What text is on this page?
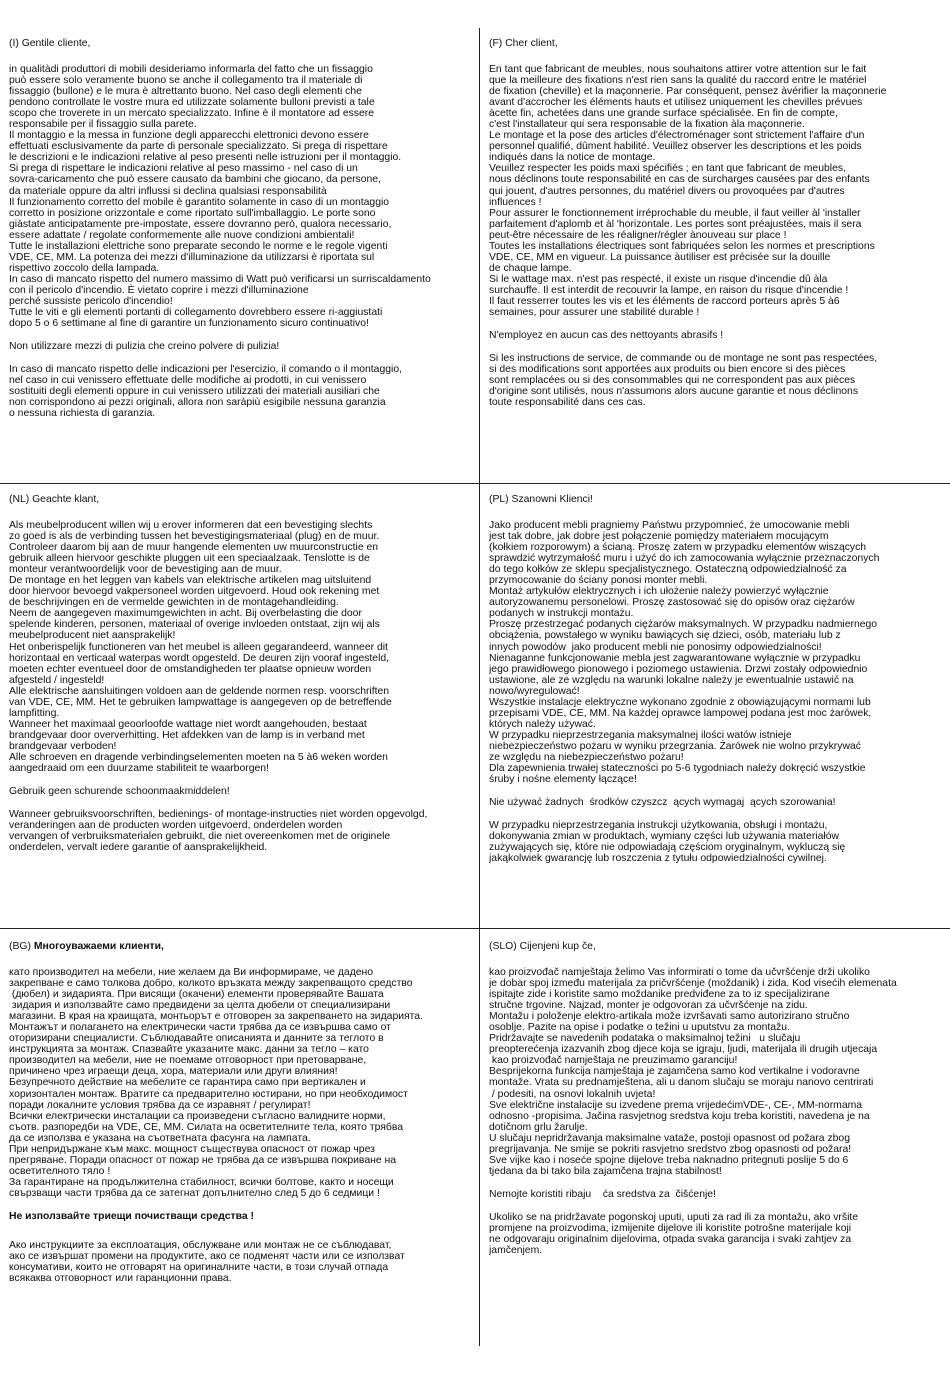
(I) Gentile cliente,
in qualitàdi produttori di mobili desideriamo informarla del fatto che un fissaggio
può essere solo veramente buono se anche il collegamento tra il materiale di
fissaggio (bullone) e le mura è altrettanto buono. Nel caso degli elementi che
pendono controllate le vostre mura ed utilizzate solamente bulloni previsti a tale
scopo che troverete in un mercato specializzato. Infine è il montatore ad essere
responsabile per il fissaggio sulla parete.
Il montaggio e la messa in funzione degli apparecchi elettronici devono essere
effettuati esclusivamente da parte di personale specializzato. Si prega di rispettare
le descrizioni e le indicazioni relative al peso presenti nelle istruzioni per il montaggio.
Si prega di rispettare le indicazioni relative al peso massimo - nel caso di un
sovra-caricamento che può essere causato da bambini che giocano, da persone,
da materiale oppure da altri influssi si declina qualsiasi responsabilità
Il funzionamento corretto del mobile è garantito solamente in caso di un montaggio
corretto in posizione orizzontale e come riportato sull'imballaggio. Le porte sono
giàstate anticipatamente pre-impostate, essere dovranno però, qualora necessario,
essere adattate / regolate conformemente alle nuove condizioni ambientali!
Tutte le installazioni elettriche sono preparate secondo le norme e le regole vigenti
VDE, CE, MM. La potenza dei mezzi d'illuminazione da utilizzarsi è riportata sul
rispettivo zoccolo della lampada.
In caso di mancato rispetto del numero massimo di Watt può verificarsi un surriscaldamento
con il pericolo d'incendio. È vietato coprire i mezzi d'illuminazione
perché sussiste pericolo d'incendio!
Tutte le viti e gli elementi portanti di collegamento dovrebbero essere ri-aggiustati
dopo 5 o 6 settimane al fine di garantire un funzionamento sicuro continuativo!
Non utilizzare mezzi di pulizia che creino polvere di pulizia!
In caso di mancato rispetto delle indicazioni per l'esercizio, il comando o il montaggio,
nel caso in cui venissero effettuate delle modifiche ai prodotti, in cui venissero
sostituiti degli elementi oppure in cui venissero utilizzati dei materiali ausiliari che
non corrispondono ai pezzi originali, allora non saràpiù esigibile nessuna garanzia
o nessuna richiesta di garanzia.
(F) Cher client,
En tant que fabricant de meubles, nous souhaitons attirer votre attention sur le fait
que la meilleure des fixations n'est rien sans la qualité du raccord entre le matériel
de fixation (cheville) et la maçonnerie. Par conséquent, pensez àvérifier la maçonnerie
avant d'accrocher les éléments hauts et utilisez uniquement les chevilles prévues
àcette fin, achetées dans une grande surface spécialisée. En fin de compte,
c'est l'installateur qui sera responsable de la fixation àla maçonnerie.
Le montage et la pose des articles d'électroménager sont strictement l'affaire d'un
personnel qualifié, dûment habilité. Veuillez observer les descriptions et les poids
indiqués dans la notice de montage.
Veuillez respecter les poids maxi spécifiés ; en tant que fabricant de meubles,
nous déclinons toute responsabilité en cas de surcharges causées par des enfants
qui jouent, d'autres personnes, du matériel divers ou provoquées par d'autres
influences !
Pour assurer le fonctionnement irréprochable du meuble, il faut veiller àl 'installer
parfaitement d'aplomb et àl 'horizontale. Les portes sont préajustées, mais il sera
peut-être nécessaire de les réaligner/régler ànouveau sur place !
Toutes les installations électriques sont fabriquées selon les normes et prescriptions
VDE, CE, MM en vigueur. La puissance àutiliser est précisée sur la douille
de chaque lampe.
Si le wattage max. n'est pas respecté, il existe un risque d'incendie dû àla
surchauffe. Il est interdit de recouvrir la lampe, en raison du risque d'incendie !
Il faut resserrer toutes les vis et les éléments de raccord porteurs après 5 à6
semaines, pour assurer une stabilité durable !
N'employez en aucun cas des nettoyants abrasifs !
Si les instructions de service, de commande ou de montage ne sont pas respectées,
si des modifications sont apportées aux produits ou bien encore si des pièces
sont remplacées ou si des consommables qui ne correspondent pas aux pièces
d'origine sont utilisés, nous n'assumons alors aucune garantie et nous déclinons
toute responsabilité dans ces cas.
(NL) Geachte klant,
Als meubelproducent willen wij u erover informeren dat een bevestiging slechts
zo goed is als de verbinding tussen het bevestigingsmateriaal (plug) en de muur.
Controleer daarom bij aan de muur hangende elementen uw muurconstructie en
gebruik alleen hiervoor geschikte pluggen uit een speciaalzaak. Tenslotte is de
monteur verantwoordelijk voor de bevestiging aan de muur.
De montage en het leggen van kabels van elektrische artikelen mag uitsluitend
door hiervoor bevoegd vakpersoneel worden uitgevoerd. Houd ook rekening met
de beschrijvingen en de vermelde gewichten in de montagehandleiding.
Neem de aangegeven maximumgewichten in acht. Bij overbelasting die door
spelende kinderen, personen, materiaal of overige invloeden ontstaat, zijn wij als
meubelproducent niet aansprakelijk!
Het onberispelijk functioneren van het meubel is alleen gegarandeerd, wanneer dit
horizontaal en verticaal waterpas wordt opgesteld. De deuren zijn vooraf ingesteld,
moeten echter eventueel door de omstandigheden ter plaatse opnieuw worden
afgesteld / ingesteld!
Alle elektrische aansluitingen voldoen aan de geldende normen resp. voorschriften
van VDE, CE, MM. Het te gebruiken lampwattage is aangegeven op de betreffende
lampfitting.
Wanneer het maximaal geoorloofde wattage niet wordt aangehouden, bestaat
brandgevaar door oververhitting. Het afdekken van de lamp is in verband met
brandgevaar verboden!
Alle schroeven en dragende verbindingselementen moeten na 5 à6 weken worden
aangedraaid om een duurzame stabiliteit te waarborgen!
Gebruik geen schurende schoonmaakmiddelen!
Wanneer gebruiksvoorschriften, bedienings- of montage-instructies niet worden opgevolgd,
veranderingen aan de producten worden uitgevoerd, onderdelen worden
vervangen of verbruiksmaterialen gebruikt, die niet overeenkomen met de originele
onderdelen, vervalt iedere garantie of aansprakelijkheid.
(PL) Szanowni Klienci!
Jako producent mebli pragniemy Państwu przypomnieć, że umocowanie mebli
jest tak dobre, jak dobre jest połączenie pomiędzy materiałem mocującym
(kołkiem rozporowym) a ścianą. Proszę zatem w przypadku elementów wiszących
sprawdzić wytrzymałość muru i użyć do ich zamocowania wyłącznie przeznaczonych
do tego kołków ze sklepu specjalistycznego. Ostateczną odpowiedzialność za
przymocowanie do ściany ponosi monter mebli.
Montaż artykułów elektrycznych i ich ułożenie należy powierzyć wyłącznie
autoryzowanemu personelowi. Proszę zastosować się do opisów oraz ciężarów
podanych w instrukcji montażu.
Proszę przestrzegać podanych ciężarów maksymalnych. W przypadku nadmiernego
obciążenia, powstałego w wyniku bawiących się dzieci, osób, materiału lub z
innych powodów  jako producent mebli nie ponosimy odpowiedzialności!
Nienaganne funkcjonowanie mebla jest zagwarantowane wyłącznie w przypadku
jego prawidłowego pionowego i poziomego ustawienia. Drzwi zostały odpowiednio
ustawione, ale ze względu na warunki lokalne należy je ewentualnie ustawić na
nowo/wyregulować!
Wszystkie instalacje elektryczne wykonano zgodnie z obowiązującymi normami lub
przepisami VDE, CE, MM. Na każdej oprawce lampowej podana jest moc żarówek,
których należy używać.
W przypadku nieprzestrzegania maksymalnej ilości watów istnieje
niebezpieczeństwo pożaru w wyniku przegrzania. Żarówek nie wolno przykrywać
ze względu na niebezpieczeństwo pożaru!
Dla zapewnienia trwałej stateczności po 5-6 tygodniach należy dokręcić wszystkie
śruby i nośne elementy łączące!
Nie używać żadnych  środków czyszcz  ących wymagaj  ących szorowania!
W przypadku nieprzestrzegania instrukcji użytkowania, obsługi i montażu,
dokonywania zmian w produktach, wymiany części lub używania materiałów
zużywających się, które nie odpowiadają częściom oryginalnym, wykluczą się
jakąkolwiek gwarancję lub roszczenia z tytułu odpowiedzialności cywilnej.
(BG) Многоуважаеми клиенти,
като производител на мебели, ние желаем да Ви информираме, че дадено
закрепване е само толкова добро, колкото връзката между закрепващото средство
(дюбел) и зидарията. При висящи (окачени) елементи проверявайте Вашата
зидария и използвайте само предвидени за целта дюбели от специализирани
магазини. В края на краищата, монтьорът е отговорен за закрепването на зидарията.
Монтажът и полагането на електрически части трябва да се извършва само от
оторизирани специалисти. Съблюдавайте описанията и данните за теглото в
инструкцията за монтаж. Спазвайте указаните макс. данни за тегло – като
производител на мебели, ние не поемаме отговорност при претоварване,
причинено чрез играещи деца, хора, материали или други влияния!
Безупречното действие на мебелите се гарантира само при вертикален и
хоризонтален монтаж. Вратите са предварително юстирани, но при необходимост
поради локалните условия трябва да се изравнят / регулират!
Всички електрически инсталации са произведени съгласно валидните норми,
съотв. разпоредби на VDE, CE, MM. Силата на осветителните тела, която трябва
да се използва е указана на съответната фасунга на лампата.
При непридържане към макс. мощност съществува опасност от пожар чрез
прегряване. Поради опасност от пожар не трябва да се извършва покриване на
осветителното тяло !
За гарантиране на продължителна стабилност, всички болтове, както и носещи
свързващи части трябва да се затегнат допълнително след 5 до 6 седмици !
Не използвайте триещи почистващи средства !
Ако инструкциите за експлоатация, обслужване или монтаж не се съблюдават,
ако се извършат промени на продуктите, ако се подменят части или се използват
консумативи, които не отговарят на оригиналните части, в този случай отпада
всякаква отговорност или гаранционни права.
(SLO) Cijenjeni kup če,
kao proizvođač namještaja želimo Vas informirati o tome da učvršćenje drži ukoliko
je dobar spoj između materijala za pričvršćenje (moždanik) i zida. Kod visećih elemenata
ispitajte zide i koristite samo moždanike predviđene za to iz specijalizirane
stručne trgovine. Najzad, monter je odgovoran za učvršćenje na zidu.
Montažu i položenje elektro-artikala može izvršavati samo autorizirano stručno
osoblje. Pazite na opise i podatke o težini u uputstvu za montažu.
Pridržavajte se navedenih podataka o maksimalnoj težini   u slučaju
preopterećenja izazvanih zbog djece koja se igraju, ljudi, materijala ili drugih utjecaja
kao proizvođač namještaja ne preuzimamo garanciju!
Besprijekorna funkcija namještaja je zajamčena samo kod vertikalne i vodoravne
montaže. Vrata su prednamještena, ali u danom slučaju se moraju nanovo centrirati
/ podesiti, na osnovi lokalnih uvjeta!
Sve električne instalacije su izvedene prema vrijedećimVDE-, CE-, MM-normama
odnosno -propisima. Jačina rasvjetnog sredstva koju treba koristiti, navedena je na
dotičnom grlu žarulje.
U slučaju nepridržavanja maksimalne vataže, postoji opasnost od požara zbog
pregrijavanja. Ne smije se pokriti rasvjetno sredstvo zbog opasnosti od požara!
Sve vijke kao i noseće spojne dijelove treba naknadno pritegnuti poslije 5 do 6
tjedana da bi tako bila zajamčena trajna stabilnost!
Nemojte koristiti ribaju    ća sredstva za  čišćenje!
Ukoliko se na pridržavate pogonskoj uputi, uputi za rad ili za montažu, ako vršite
promjene na proizvodima, izmijenite dijelove ili koristite potrošne materijale koji
ne odgovaraju originalnim dijelovima, otpada svaka garancija i svaki zahtjev za
jamčenjem.
